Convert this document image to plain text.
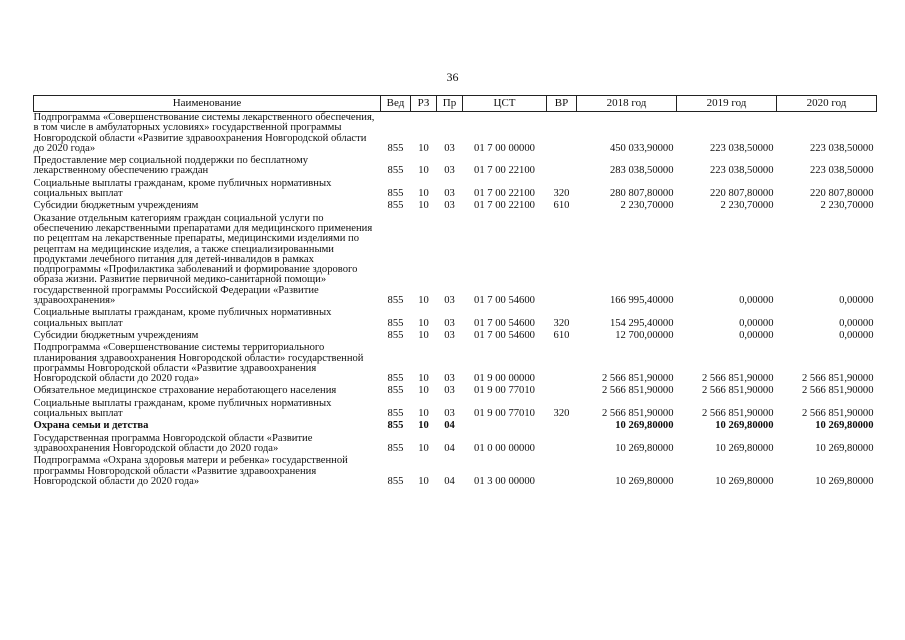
36
Наименование	Вед	РЗ	Пр	ЦСТ	ВР	2018 год	2019 год	2020 год
Подпрограмма «Совершенствование системы лекарственного обеспечения, в том числе в амбулаторных условиях» государственной программы Новгородской области «Развитие здравоохранения Новгородской области до 2020 года»	855	10	03	01 7 00 00000		450 033,90000	223 038,50000	223 038,50000
Предоставление мер социальной поддержки по бесплатному лекарственному обеспечению граждан	855	10	03	01 7 00 22100		283 038,50000	223 038,50000	223 038,50000
Социальные выплаты гражданам, кроме публичных нормативных социальных выплат	855	10	03	01 7 00 22100	320	280 807,80000	220 807,80000	220 807,80000
Субсидии бюджетным учреждениям	855	10	03	01 7 00 22100	610	2 230,70000	2 230,70000	2 230,70000
Оказание отдельным категориям граждан социальной услуги по обеспечению лекарственными препаратами для медицинского применения по рецептам на лекарственные препараты, медицинскими изделиями по рецептам на медицинские изделия, а также специализированными продуктами лечебного питания для детей-инвалидов в рамках подпрограммы «Профилактика заболеваний и формирование здорового образа жизни. Развитие первичной медико-санитарной помощи» государственной программы Российской Федерации «Развитие здравоохранения»	855	10	03	01 7 00 54600		166 995,40000	0,00000	0,00000
Социальные выплаты гражданам, кроме публичных нормативных социальных выплат	855	10	03	01 7 00 54600	320	154 295,40000	0,00000	0,00000
Субсидии бюджетным учреждениям	855	10	03	01 7 00 54600	610	12 700,00000	0,00000	0,00000
Подпрограмма «Совершенствование системы территориального планирования здравоохранения Новгородской области» государственной программы Новгородской области «Развитие здравоохранения Новгородской области до 2020 года»	855	10	03	01 9 00 00000		2 566 851,90000	2 566 851,90000	2 566 851,90000
Обязательное медицинское страхование неработающего населения	855	10	03	01 9 00 77010		2 566 851,90000	2 566 851,90000	2 566 851,90000
Социальные выплаты гражданам, кроме публичных нормативных социальных выплат	855	10	03	01 9 00 77010	320	2 566 851,90000	2 566 851,90000	2 566 851,90000
Охрана семьи и детства	855	10	04			10 269,80000	10 269,80000	10 269,80000
Государственная программа Новгородской области «Развитие здравоохранения Новгородской области до 2020 года»	855	10	04	01 0 00 00000		10 269,80000	10 269,80000	10 269,80000
Подпрограмма «Охрана здоровья матери и ребенка» государственной программы Новгородской области «Развитие здравоохранения Новгородской области до 2020 года»	855	10	04	01 3 00 00000		10 269,80000	10 269,80000	10 269,80000
